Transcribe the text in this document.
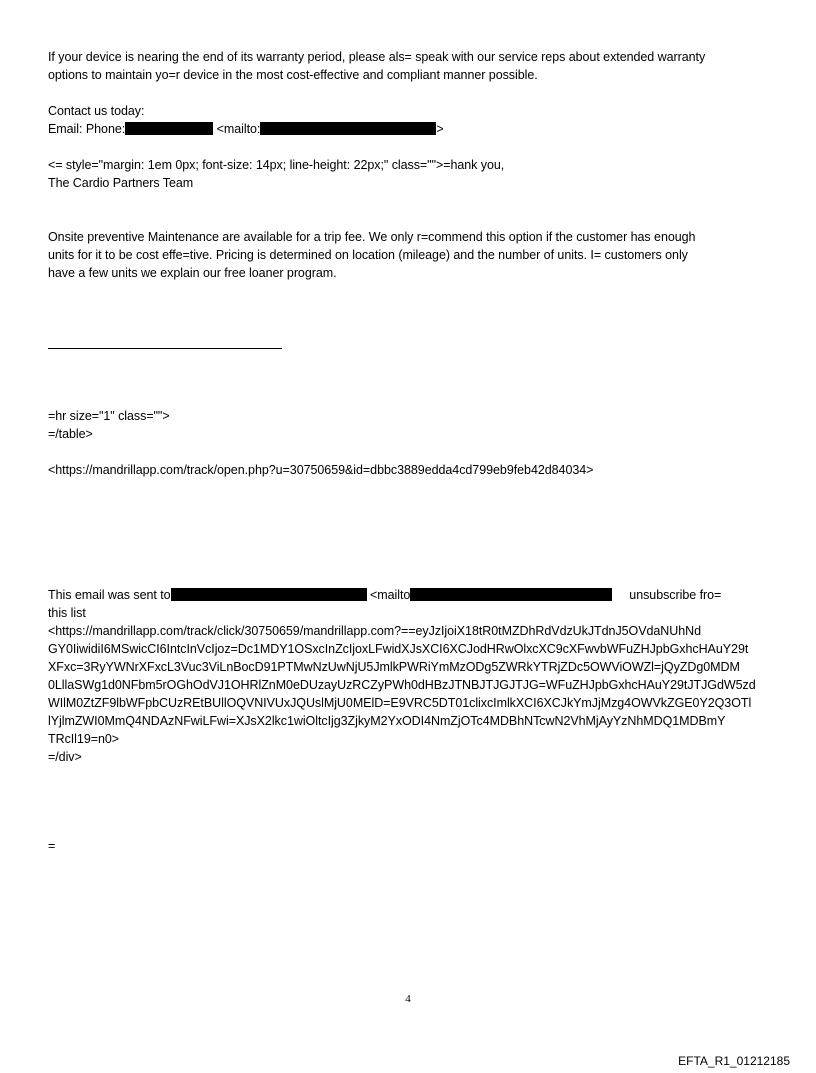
If your device is nearing the end of its warranty period, please als= speak with our service reps about extended warranty
options to maintain yo=r device in the most cost-effective and compliant manner possible.
Contact us today:
Email: Phone:	<mailto:	>
<= style="margin: 1em 0px; font-size: 14px; line-height: 22px;" class="">=hank you,
The Cardio Partners Team
Onsite preventive Maintenance are available for a trip fee. We only r=commend this option if the customer has enough
units for it to be cost effe=tive. Pricing is determined on location (mileage) and the number of units. I= customers only
have a few units we explain our free loaner program.
=hr size="1" class="">
=/table>
<https://mandrillapp.com/track/open.php?u=30750659&id=dbbc3889edda4cd799eb9feb42d84034>
This email was sent to	<mailto	unsubscribe fro=
this list
<https://mandrillapp.com/track/click/30750659/mandrillapp.com?==eyJzIjoiX18tR0tMZDhRdVdzUkJTdnJ5OVdaNUhNd
GY0IiwidiI6MSwicCI6IntcInVcIjoz=Dc1MDY1OSxcInZcIjoxLFwidXJsXCI6XCJodHRwOlxcXC9cXFwvbWFuZHJpbGxhcHAuY29t
XFxc=3RyYWNrXFxcL3Vuc3ViLnBocD91PTMwNzUwNjU5JmlkPWRiYmMzODg5ZWRkYTRjZDc5OWViOWZl=jQyZDg0MDM
0LllaSWg1d0NFbm5rOGhOdVJ1OHRlZnM0eDUzayUzRCZyPWh0dHBzJTNBJTJGJTJG=WFuZHJpbGxhcHAuY29tJTJGdW5zd
WIlM0ZtZF9lbWFpbCUzREtBUllOQVNIVUxJQUslMjU0MElD=E9VRC5DT01clixcImlkXCI6XCJkYmJjMzg4OWVkZGE0Y2Q3OTl
lYjlmZWI0MmQ4NDAzNFwiLFwi=XJsX2lkc1wiOltcIjg3ZjkyM2YxODI4NmZjOTc4MDBhNTcwN2VhMjAyYzNhMDQ1MDBmY
TRcIl19=n0>
=/div>
=
4
EFTA_R1_01212185
